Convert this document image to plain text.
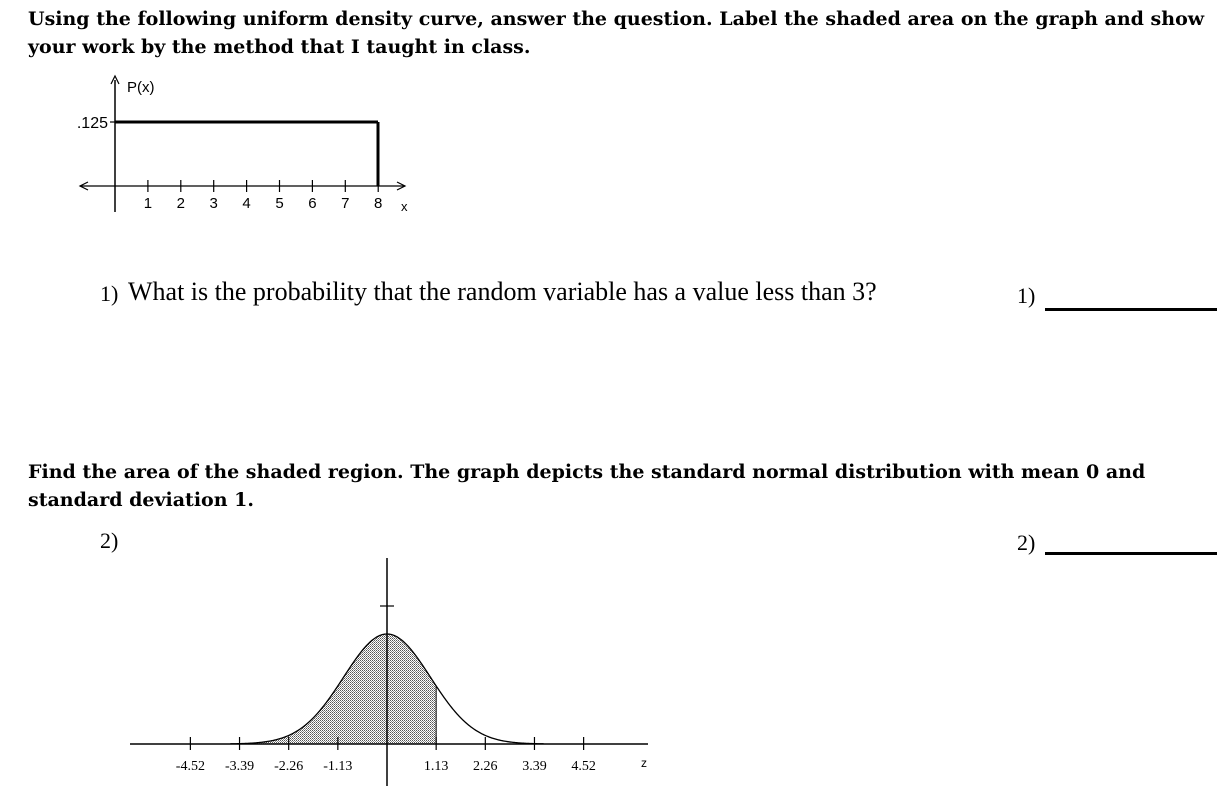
Using the following uniform density curve, answer the question. Label the shaded area on the graph and show your work by the method that I taught in class.

P(x)
.125
1 2 3 4 5 6 7 8 x
1) What is the probability that the random variable has a value less than 3?	1)

Find the area of the shaded region. The graph depicts the standard normal distribution with mean 0 and standard deviation 1.

2)	2)
-4.52 -3.39 -2.26 -1.13	1.13 2.26 3.39 4.52	z
